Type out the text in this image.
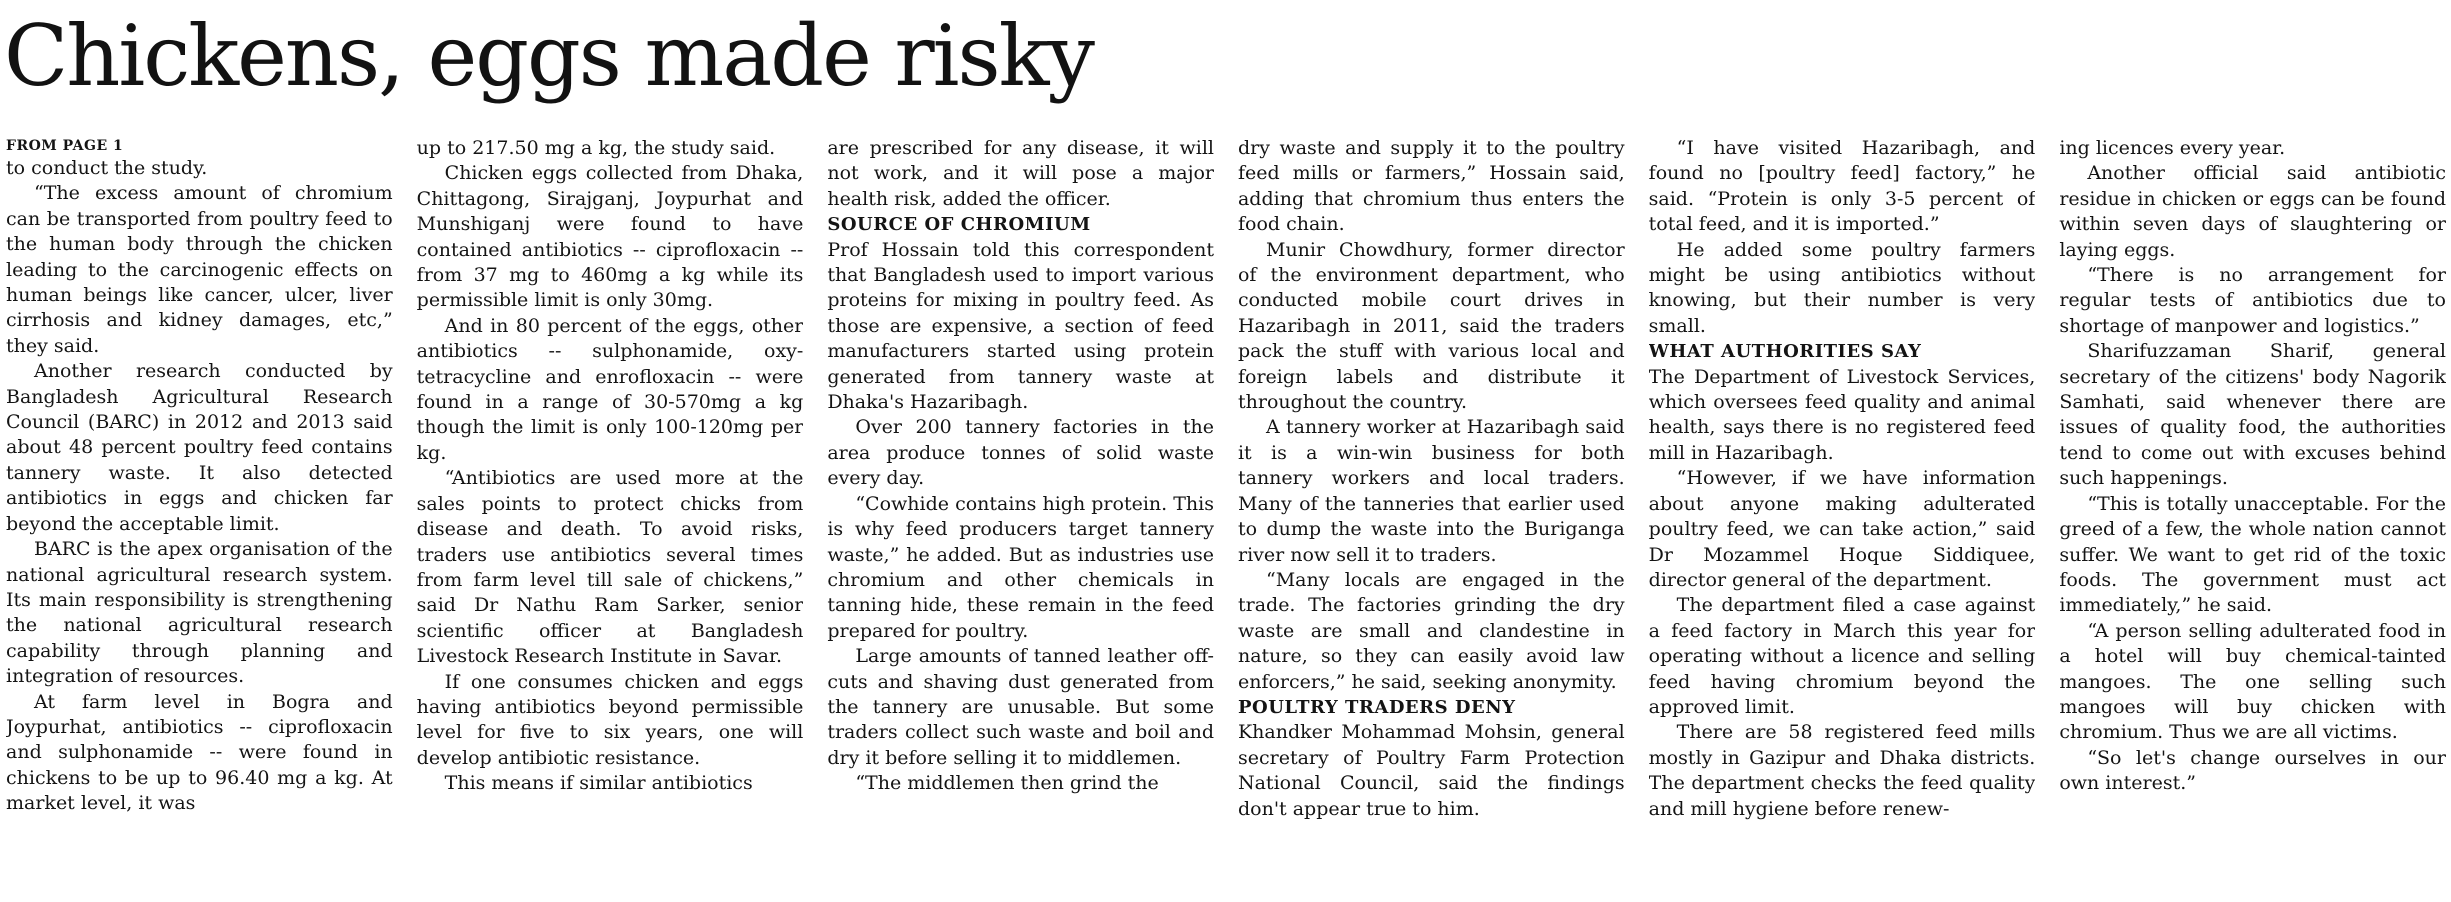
Chickens, eggs made risky

FROM PAGE 1

to conduct the study.

“The excess amount of chromium can be transported from poultry feed to the human body through the chicken leading to the carcinogenic effects on human beings like cancer, ulcer, liver cirrhosis and kidney damages, etc,” they said.

Another research conducted by Bangladesh Agricultural Research Council (BARC) in 2012 and 2013 said about 48 percent poultry feed contains tannery waste. It also detected antibiotics in eggs and chicken far beyond the acceptable limit.

BARC is the apex organisation of the national agricultural research system. Its main responsibility is strengthening the national agricultural research capability through planning and integration of resources.

At farm level in Bogra and Joypurhat, antibiotics -- ciprofloxacin and sulphonamide -- were found in chickens to be up to 96.40 mg a kg. At market level, it was

up to 217.50 mg a kg, the study said.

Chicken eggs collected from Dhaka, Chittagong, Sirajganj, Joypurhat and Munshiganj were found to have contained antibiotics -- ciprofloxacin -- from 37 mg to 460mg a kg while its permissible limit is only 30mg.

And in 80 percent of the eggs, other antibiotics -- sulphonamide, oxy-tetracycline and enrofloxacin -- were found in a range of 30-570mg a kg though the limit is only 100-120mg per kg.

“Antibiotics are used more at the sales points to protect chicks from disease and death. To avoid risks, traders use antibiotics several times from farm level till sale of chickens,” said Dr Nathu Ram Sarker, senior scientific officer at Bangladesh Livestock Research Institute in Savar.

If one consumes chicken and eggs having antibiotics beyond permissible level for five to six years, one will develop antibiotic resistance.

This means if similar antibiotics

are prescribed for any disease, it will not work, and it will pose a major health risk, added the officer.

SOURCE OF CHROMIUM

Prof Hossain told this correspondent that Bangladesh used to import various proteins for mixing in poultry feed. As those are expensive, a section of feed manufacturers started using protein generated from tannery waste at Dhaka's Hazaribagh.

Over 200 tannery factories in the area produce tonnes of solid waste every day.

“Cowhide contains high protein. This is why feed producers target tannery waste,” he added. But as industries use chromium and other chemicals in tanning hide, these remain in the feed prepared for poultry.

Large amounts of tanned leather off-cuts and shaving dust generated from the tannery are unusable. But some traders collect such waste and boil and dry it before selling it to middlemen.

“The middlemen then grind the

dry waste and supply it to the poultry feed mills or farmers,” Hossain said, adding that chromium thus enters the food chain.

Munir Chowdhury, former director of the environment department, who conducted mobile court drives in Hazaribagh in 2011, said the traders pack the stuff with various local and foreign labels and distribute it throughout the country.

A tannery worker at Hazaribagh said it is a win-win business for both tannery workers and local traders. Many of the tanneries that earlier used to dump the waste into the Buriganga river now sell it to traders.

“Many locals are engaged in the trade. The factories grinding the dry waste are small and clandestine in nature, so they can easily avoid law enforcers,” he said, seeking anonymity.

POULTRY TRADERS DENY

Khandker Mohammad Mohsin, general secretary of Poultry Farm Protection National Council, said the findings don't appear true to him.

“I have visited Hazaribagh, and found no [poultry feed] factory,” he said. “Protein is only 3-5 percent of total feed, and it is imported.”

He added some poultry farmers might be using antibiotics without knowing, but their number is very small.

WHAT AUTHORITIES SAY

The Department of Livestock Services, which oversees feed quality and animal health, says there is no registered feed mill in Hazaribagh.

“However, if we have information about anyone making adulterated poultry feed, we can take action,” said Dr Mozammel Hoque Siddiquee, director general of the department.

The department filed a case against a feed factory in March this year for operating without a licence and selling feed having chromium beyond the approved limit.

There are 58 registered feed mills mostly in Gazipur and Dhaka districts. The department checks the feed quality and mill hygiene before renew-

ing licences every year.

Another official said antibiotic residue in chicken or eggs can be found within seven days of slaughtering or laying eggs.

“There is no arrangement for regular tests of antibiotics due to shortage of manpower and logistics.”

Sharifuzzaman Sharif, general secretary of the citizens' body Nagorik Samhati, said whenever there are issues of quality food, the authorities tend to come out with excuses behind such happenings.

“This is totally unacceptable. For the greed of a few, the whole nation cannot suffer. We want to get rid of the toxic foods. The government must act immediately,” he said.

“A person selling adulterated food in a hotel will buy chemical-tainted mangoes. The one selling such mangoes will buy chicken with chromium. Thus we are all victims.

“So let's change ourselves in our own interest.”
